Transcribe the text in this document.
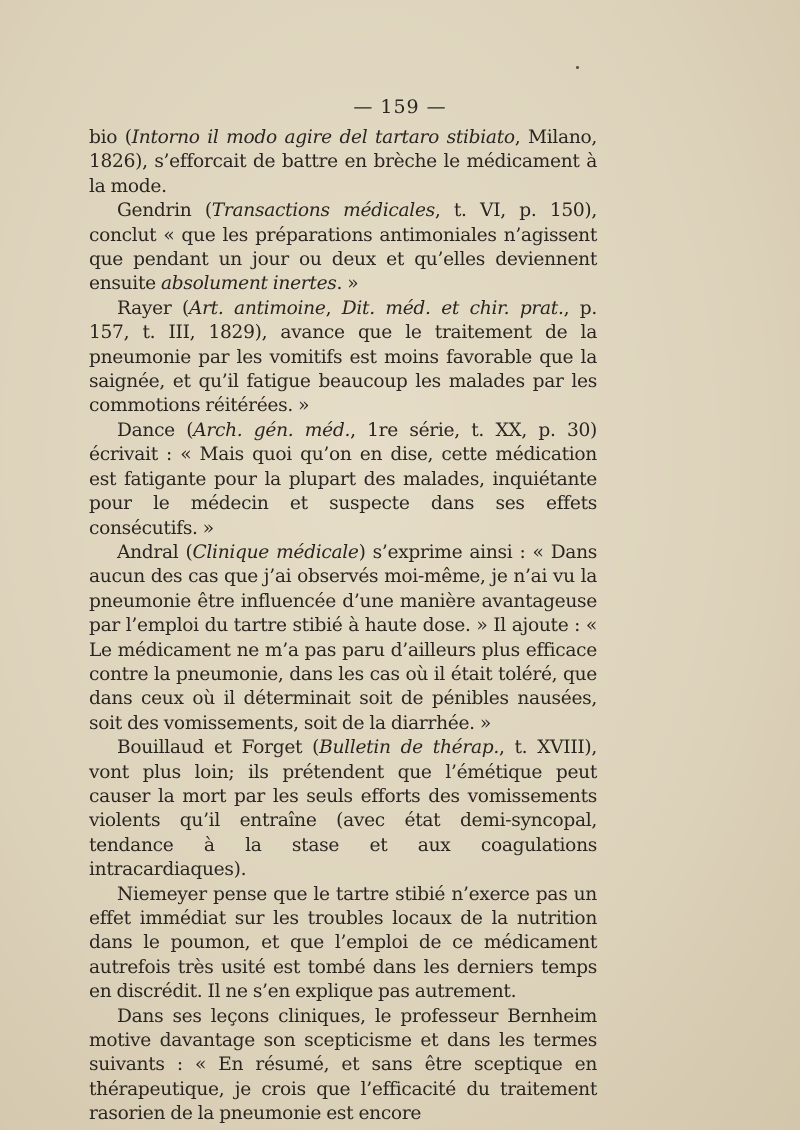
— 159 —

bio (Intorno il modo agire del tartaro stibiato, Milano, 1826), s’efforcait de battre en brèche le médicament à la mode.

Gendrin (Transactions médicales, t. VI, p. 150), conclut « que les préparations antimoniales n’agissent que pendant un jour ou deux et qu’elles deviennent ensuite absolument inertes. »

Rayer (Art. antimoine, Dit. méd. et chir. prat., p. 157, t. III, 1829), avance que le traitement de la pneumonie par les vomitifs est moins favorable que la saignée, et qu’il fatigue beaucoup les malades par les commotions réitérées. »

Dance (Arch. gén. méd., 1re série, t. XX, p. 30) écrivait : « Mais quoi qu’on en dise, cette médication est fatigante pour la plupart des malades, inquiétante pour le médecin et suspecte dans ses effets consécutifs. »

Andral (Clinique médicale) s’exprime ainsi : « Dans aucun des cas que j’ai observés moi-même, je n’ai vu la pneumonie être influencée d’une manière avantageuse par l’emploi du tartre stibié à haute dose. » Il ajoute : « Le médicament ne m’a pas paru d’ailleurs plus efficace contre la pneumonie, dans les cas où il était toléré, que dans ceux où il déterminait soit de pénibles nausées, soit des vomissements, soit de la diarrhée. »

Bouillaud et Forget (Bulletin de thérap., t. XVIII), vont plus loin; ils prétendent que l’émétique peut causer la mort par les seuls efforts des vomissements violents qu’il entraîne (avec état demi-syncopal, tendance à la stase et aux coagulations intracardiaques).

Niemeyer pense que le tartre stibié n’exerce pas un effet immédiat sur les troubles locaux de la nutrition dans le poumon, et que l’emploi de ce médicament autrefois très usité est tombé dans les derniers temps en discrédit. Il ne s’en explique pas autrement.

Dans ses leçons cliniques, le professeur Bernheim motive davantage son scepticisme et dans les termes suivants : « En résumé, et sans être sceptique en thérapeutique, je crois que l’efficacité du traitement rasorien de la pneumonie est encore
